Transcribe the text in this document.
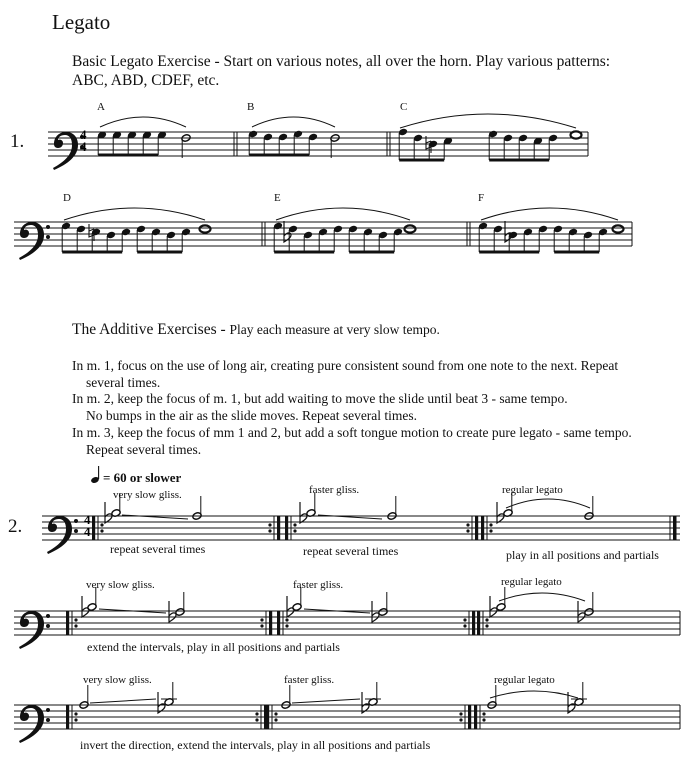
Legato
Basic Legato Exercise - Start on various notes, all over the horn. Play various patterns:
ABC, ABD, CDEF, etc.
1.
A	B	C
D	E	F
The Additive Exercises - Play each measure at very slow tempo.
In m. 1, focus on the use of long air, creating pure consistent sound from one note to the next. Repeat
several times.
In m. 2, keep the focus of m. 1, but add waiting to move the slide until beat 3 - same tempo.
No bumps in the air as the slide moves. Repeat several times.
In m. 3, keep the focus of mm 1 and 2, but add a soft tongue motion to create pure legato - same tempo.
Repeat several times.
= 60 or slower
2.
very slow gliss.	faster gliss.	regular legato
repeat several times	repeat several times	play in all positions and partials
very slow gliss.	faster gliss.	regular legato
extend the intervals, play in all positions and partials
very slow gliss.	faster gliss.	regular legato
invert the direction, extend the intervals, play in all positions and partials
4
4
4
4
